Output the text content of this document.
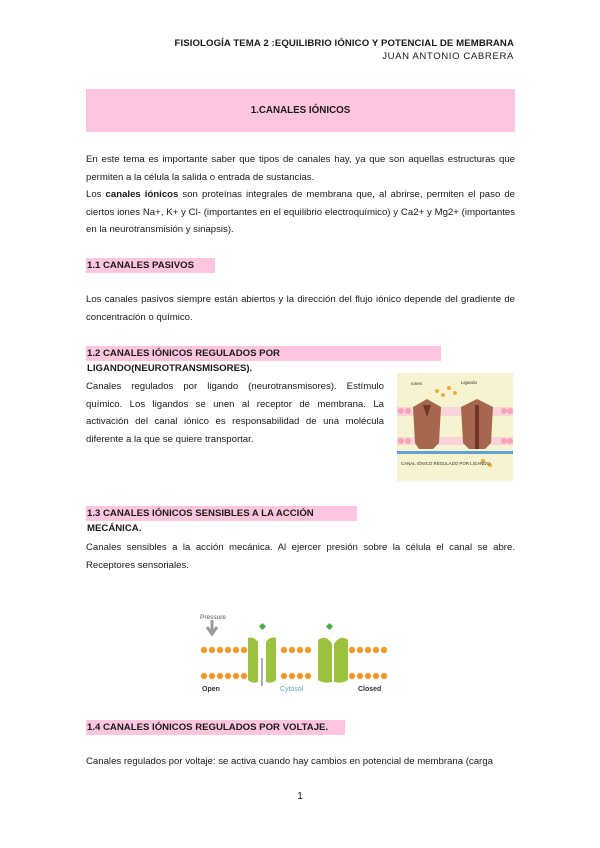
FISIOLOGÍA TEMA 2 :EQUILIBRIO IÓNICO Y POTENCIAL DE MEMBRANA
JUAN ANTONIO CABRERA
1.CANALES IÓNICOS
En este tema es importante saber que tipos de canales hay, ya que son aquellas estructuras que permiten a la célula la salida o entrada de sustancias.
Los canales iónicos son proteínas integrales de membrana que, al abrirse, permiten el paso de ciertos iones Na+, K+ y Cl- (importantes en el equilibrio electroquímico) y Ca2+ y Mg2+ (importantes en la neurotransmisión y sinapsis).
1.1 CANALES PASIVOS
Los canales pasivos siempre están abiertos y la dirección del flujo iónico depende del gradiente de concentración o químico.
1.2 CANALES IÓNICOS REGULADOS POR LIGANDO(NEUROTRANSMISORES).
Canales regulados por ligando (neurotransmisores). Estímulo químico. Los ligandos se unen al receptor de membrana. La activación del canal iónico es responsabilidad de una molécula diferente a la que se quiere transportar.
Iones	Ligando
CANAL IÓNICO REGULADO POR LIGANDO
1.3 CANALES IÓNICOS SENSIBLES A LA ACCIÓN MECÁNICA.
Canales sensibles a la acción mecánica. Al ejercer presión sobre la célula el canal se abre. Receptores sensoriales.
Pressure
Open	Cytosol	Closed
1.4 CANALES IÓNICOS REGULADOS POR VOLTAJE.
Canales regulados por voltaje: se activa cuando hay cambios en potencial de membrana (carga
1
